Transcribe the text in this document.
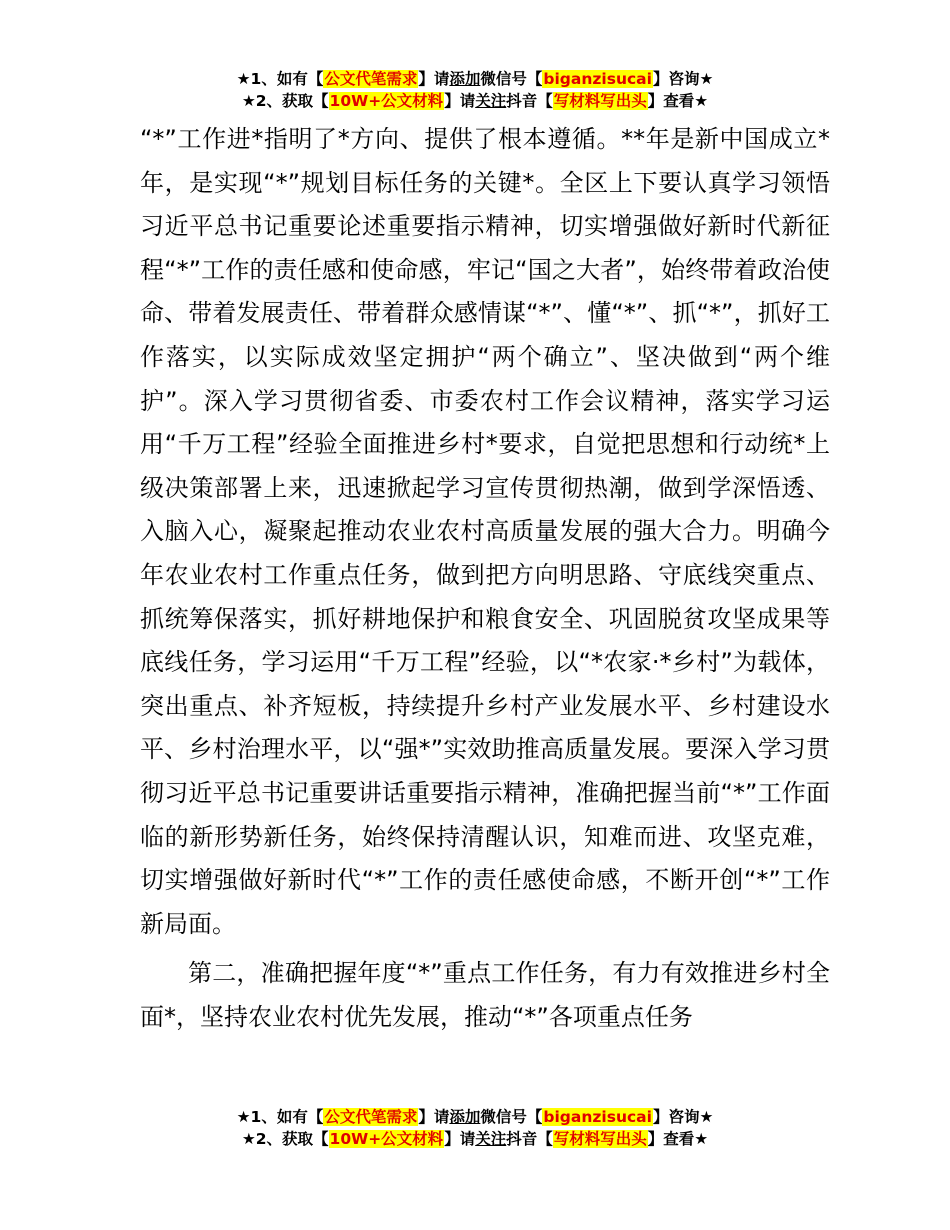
★1、如有【公文代笔需求】请添加微信号【biganzisucai】咨询★
★2、获取【10W+公文材料】请关注抖音【写材料写出头】查看★

“*”工作进*指明了*方向、提供了根本遵循。**年是新中国成立*年，是实现“*”规划目标任务的关键*。全区上下要认真学习领悟习近平总书记重要论述重要指示精神，切实增强做好新时代新征程“*”工作的责任感和使命感，牢记“国之大者”，始终带着政治使命、带着发展责任、带着群众感情谋“*”、懂“*”、抓“*”，抓好工作落实，以实际成效坚定拥护“两个确立”、坚决做到“两个维护”。深入学习贯彻省委、市委农村工作会议精神，落实学习运用“千万工程”经验全面推进乡村*要求，自觉把思想和行动统*上级决策部署上来，迅速掀起学习宣传贯彻热潮，做到学深悟透、入脑入心，凝聚起推动农业农村高质量发展的强大合力。明确今年农业农村工作重点任务，做到把方向明思路、守底线突重点、抓统筹保落实，抓好耕地保护和粮食安全、巩固脱贫攻坚成果等底线任务，学习运用“千万工程”经验，以“*农家·*乡村”为载体，突出重点、补齐短板，持续提升乡村产业发展水平、乡村建设水平、乡村治理水平，以“强*”实效助推高质量发展。要深入学习贯彻习近平总书记重要讲话重要指示精神，准确把握当前“*”工作面临的新形势新任务，始终保持清醒认识，知难而进、攻坚克难，切实增强做好新时代“*”工作的责任感使命感，不断开创“*”工作新局面。

第二，准确把握年度“*”重点工作任务，有力有效推进乡村全面*，坚持农业农村优先发展，推动“*”各项重点任务

★1、如有【公文代笔需求】请添加微信号【biganzisucai】咨询★
★2、获取【10W+公文材料】请关注抖音【写材料写出头】查看★
